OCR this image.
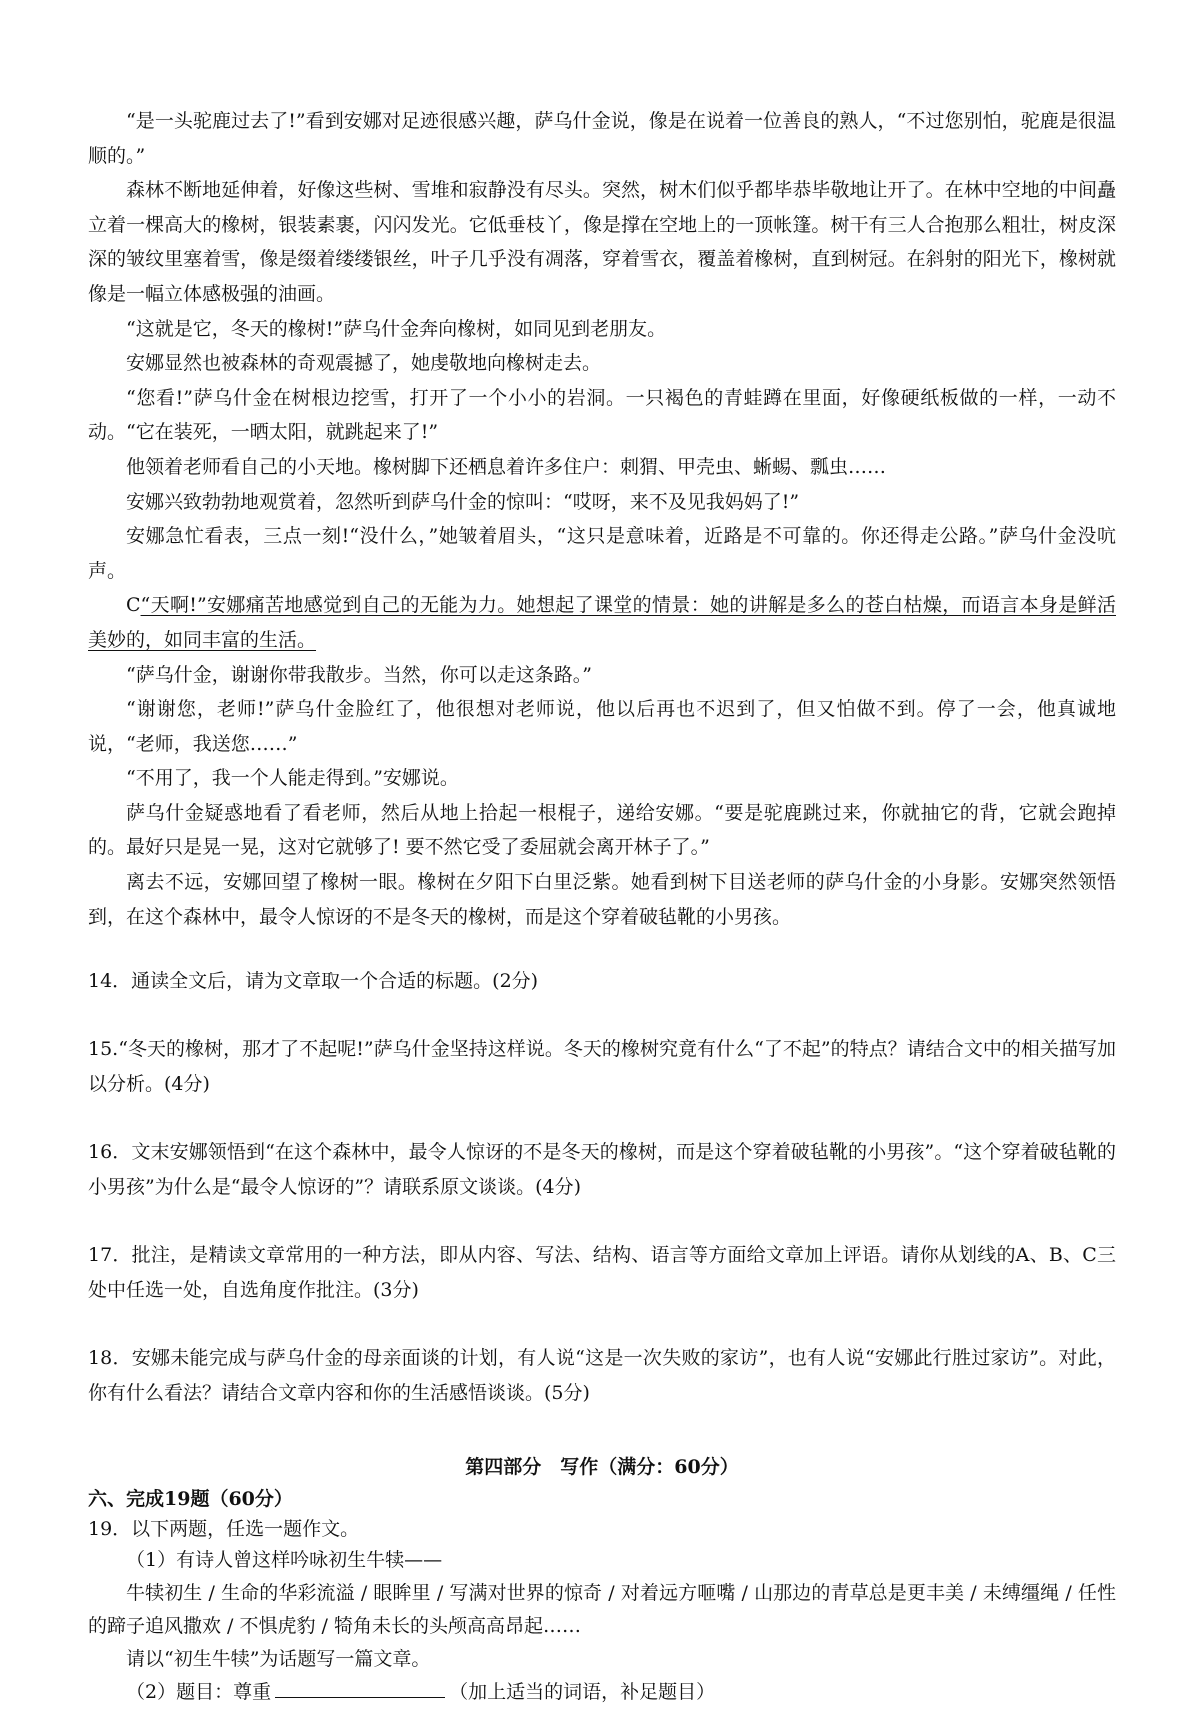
“是一头驼鹿过去了!”看到安娜对足迹很感兴趣，萨乌什金说，像是在说着一位善良的熟人，“不过您别怕，驼鹿是很温顺的。”

森林不断地延伸着，好像这些树、雪堆和寂静没有尽头。突然，树木们似乎都毕恭毕敬地让开了。在林中空地的中间矗立着一棵高大的橡树，银装素裹，闪闪发光。它低垂枝丫，像是撑在空地上的一顶帐篷。树干有三人合抱那么粗壮，树皮深深的皱纹里塞着雪，像是缀着缕缕银丝，叶子几乎没有凋落，穿着雪衣，覆盖着橡树，直到树冠。在斜射的阳光下，橡树就像是一幅立体感极强的油画。

“这就是它，冬天的橡树!”萨乌什金奔向橡树，如同见到老朋友。

安娜显然也被森林的奇观震撼了，她虔敬地向橡树走去。

“您看!”萨乌什金在树根边挖雪，打开了一个小小的岩洞。一只褐色的青蛙蹲在里面，好像硬纸板做的一样，一动不动。“它在装死，一晒太阳，就跳起来了!”

他领着老师看自己的小天地。橡树脚下还栖息着许多住户：刺猬、甲壳虫、蜥蜴、瓢虫……

安娜兴致勃勃地观赏着，忽然听到萨乌什金的惊叫：“哎呀，来不及见我妈妈了!”

安娜急忙看表，三点一刻!“没什么，”她皱着眉头，“这只是意味着，近路是不可靠的。你还得走公路。”萨乌什金没吭声。

C“天啊!”安娜痛苦地感觉到自己的无能为力。她想起了课堂的情景：她的讲解是多么的苍白枯燥，而语言本身是鲜活美妙的，如同丰富的生活。

“萨乌什金，谢谢你带我散步。当然，你可以走这条路。”

“谢谢您，老师!”萨乌什金脸红了，他很想对老师说，他以后再也不迟到了，但又怕做不到。停了一会，他真诚地说，“老师，我送您……”

“不用了，我一个人能走得到。”安娜说。

萨乌什金疑惑地看了看老师，然后从地上拾起一根棍子，递给安娜。“要是驼鹿跳过来，你就抽它的背，它就会跑掉的。最好只是晃一晃，这对它就够了! 要不然它受了委屈就会离开林子了。”

离去不远，安娜回望了橡树一眼。橡树在夕阳下白里泛紫。她看到树下目送老师的萨乌什金的小身影。安娜突然领悟到，在这个森林中，最令人惊讶的不是冬天的橡树，而是这个穿着破毡靴的小男孩。

14．通读全文后，请为文章取一个合适的标题。(2分)

15.“冬天的橡树，那才了不起呢!”萨乌什金坚持这样说。冬天的橡树究竟有什么“了不起”的特点？请结合文中的相关描写加以分析。(4分)

16．文末安娜领悟到“在这个森林中，最令人惊讶的不是冬天的橡树，而是这个穿着破毡靴的小男孩”。“这个穿着破毡靴的小男孩”为什么是“最令人惊讶的”？请联系原文谈谈。(4分)

17．批注，是精读文章常用的一种方法，即从内容、写法、结构、语言等方面给文章加上评语。请你从划线的A、B、C三处中任选一处，自选角度作批注。(3分)

18．安娜未能完成与萨乌什金的母亲面谈的计划，有人说“这是一次失败的家访”，也有人说“安娜此行胜过家访”。对此，你有什么看法？请结合文章内容和你的生活感悟谈谈。(5分)

第四部分　写作（满分：60分）

六、完成19题（60分）

19．以下两题，任选一题作文。

（1）有诗人曾这样吟咏初生牛犊——

牛犊初生 / 生命的华彩流溢 / 眼眸里 / 写满对世界的惊奇 / 对着远方咂嘴 / 山那边的青草总是更丰美 / 未缚缰绳 / 任性的蹄子追风撒欢 / 不惧虎豹 / 犄角未长的头颅高高昂起……

请以“初生牛犊”为话题写一篇文章。

（2）题目：尊重	（加上适当的词语，补足题目）
